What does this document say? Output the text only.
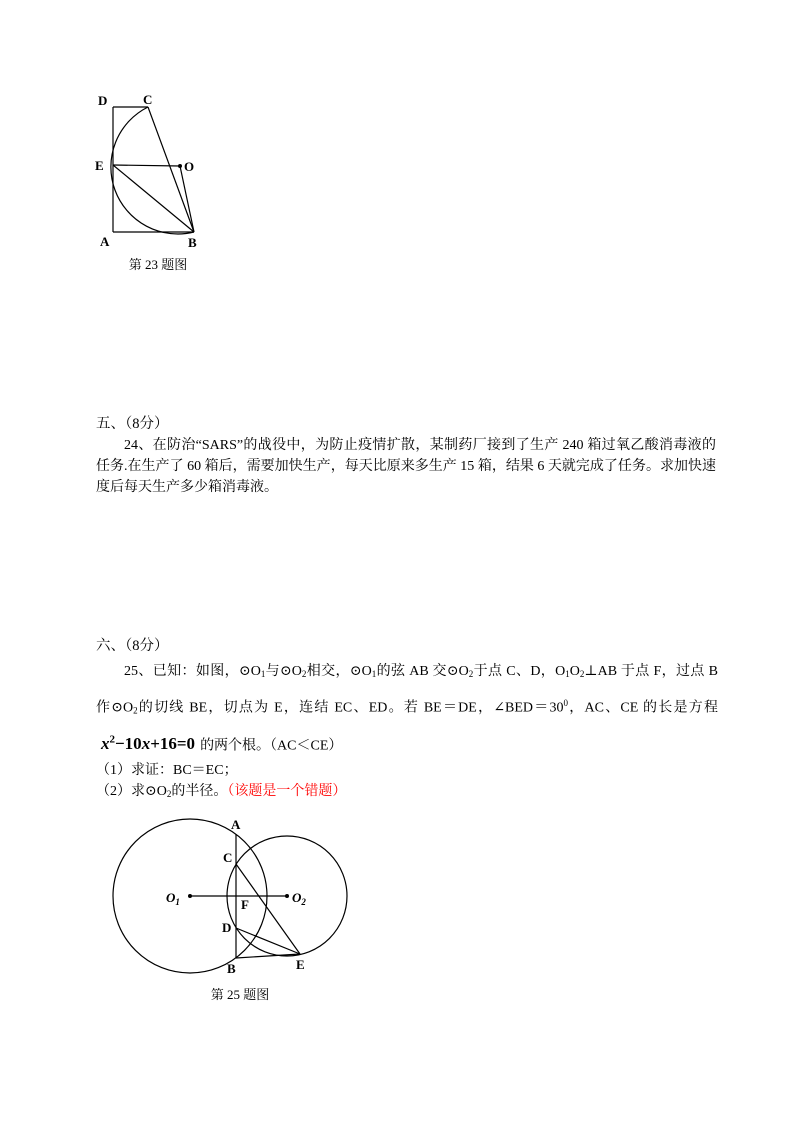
D	C
E	O
A	B
第 23 题图
五、（8分）

24、在防治“SARS”的战役中，为防止疫情扩散，某制药厂接到了生产 240 箱过氧乙酸消毒液的任务.在生产了 60 箱后，需要加快生产，每天比原来多生产 15 箱，结果 6 天就完成了任务。求加快速度后每天生产多少箱消毒液。

六、（8分）

25、已知：如图，$⊙O_1$与$⊙O_2$相交，$⊙O_1$的弦 AB 交$⊙O_2$于点 C、D，$O_1O_2\perp AB$ 于点 F，过点 B 作$⊙O_2$的切线 BE，切点为 E，连结 EC、ED。若 BE＝DE，$\angle BED=30^0$，AC、CE 的长是方程$x^2-10x+16=0$ 的两个根。（AC＜CE）

（1）求证：BC＝EC；
（2）求$⊙O_2$的半径。（该题是一个错题）
A
C
F
D
B	E
$O_1$	$O_2$
第 25 题图
